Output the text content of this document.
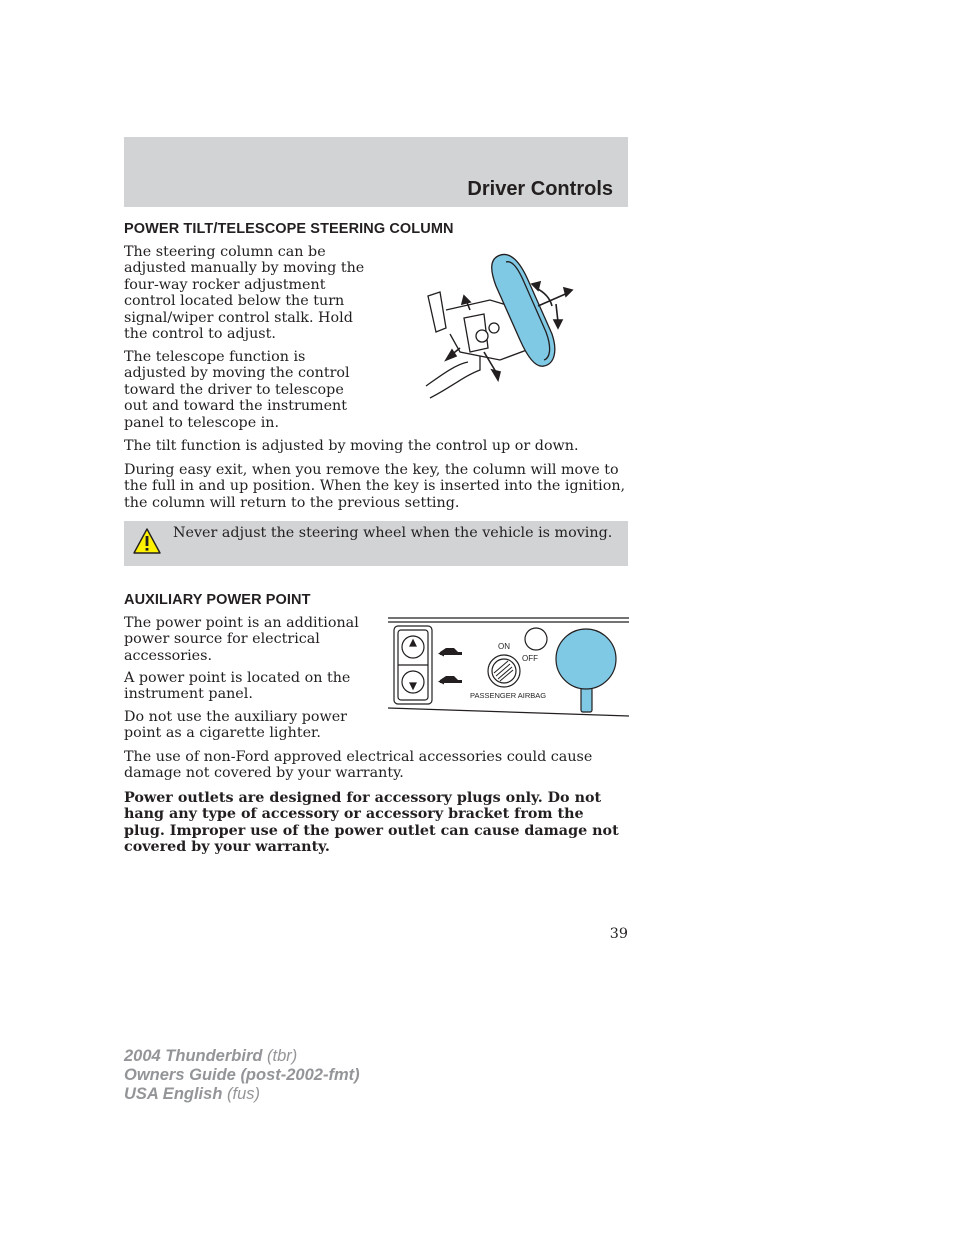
Driver Controls
POWER TILT/TELESCOPE STEERING COLUMN

The steering column can be adjusted manually by moving the four-way rocker adjustment control located below the turn signal/wiper control stalk. Hold the control to adjust.

The telescope function is adjusted by moving the control toward the driver to telescope out and toward the instrument panel to telescope in.

The tilt function is adjusted by moving the control up or down.

During easy exit, when you remove the key, the column will move to the full in and up position. When the key is inserted into the ignition, the column will return to the previous setting.

Never adjust the steering wheel when the vehicle is moving.
AUXILIARY POWER POINT

The power point is an additional power source for electrical accessories.

A power point is located on the instrument panel.

Do not use the auxiliary power point as a cigarette lighter.

ON
OFF
PASSENGER AIRBAG

The use of non-Ford approved electrical accessories could cause damage not covered by your warranty.

Power outlets are designed for accessory plugs only. Do not hang any type of accessory or accessory bracket from the plug. Improper use of the power outlet can cause damage not covered by your warranty.

39
2004 Thunderbird (tbr)
Owners Guide (post-2002-fmt)
USA English (fus)
